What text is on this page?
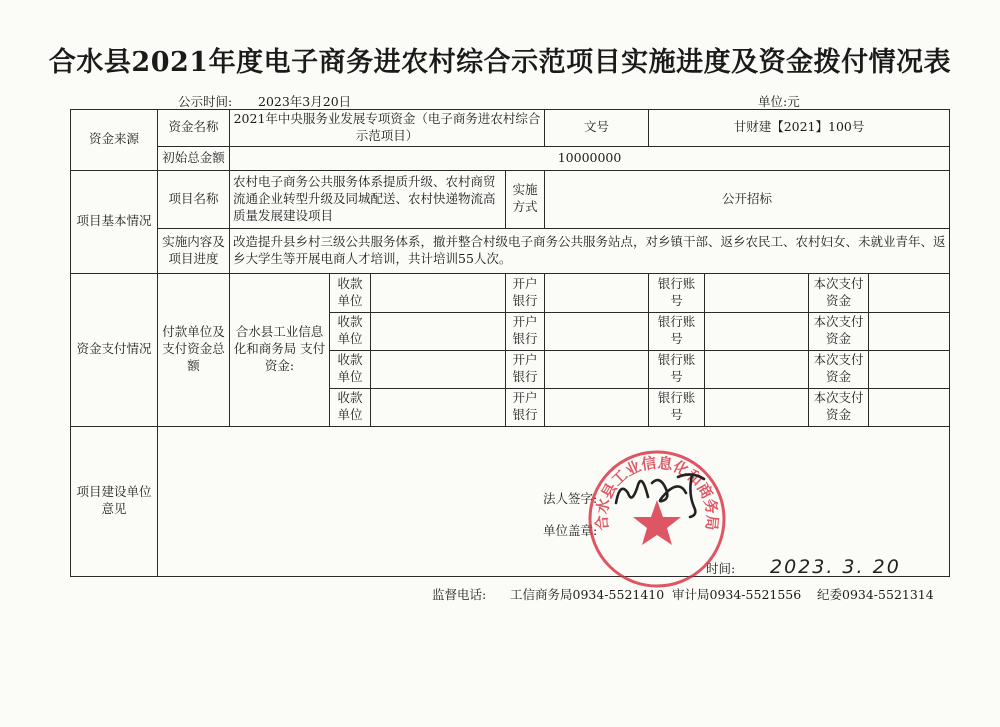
合水县2021年度电子商务进农村综合示范项目实施进度及资金拨付情况表
公示时间: 2023年3月20日	单位:元
资金来源	资金名称	2021年中央服务业发展专项资金（电子商务进农村综合示范项目）				文号	甘财建【2021】100号			
	初始总金额	10000000								
项目基本情况	项目名称	农村电子商务公共服务体系提质升级、农村商贸流通企业转型升级及同城配送、农村快递物流高质量发展建设项目			实施方式	公开招标				
	实施内容及项目进度	改造提升县乡村三级公共服务体系，撤并整合村级电子商务公共服务站点，对乡镇干部、返乡农民工、农村妇女、未就业青年、返乡大学生等开展电商人才培训，共计培训55人次。								
资金支付情况	付款单位及支付资金总额	合水县工业信息化和商务局 支付资金:	收款单位		开户银行		银行账号		本次支付资金	
			收款单位		开户银行		银行账号		本次支付资金	
			收款单位		开户银行		银行账号		本次支付资金	
			收款单位		开户银行		银行账号		本次支付资金	
项目建设单位意见										
法人签字:
单位盖章:
时间:
合水县工业信息化和商务局
2023. 3. 20
监督电话: 工信商务局0934-5521410 审计局0934-5521556 纪委0934-5521314
